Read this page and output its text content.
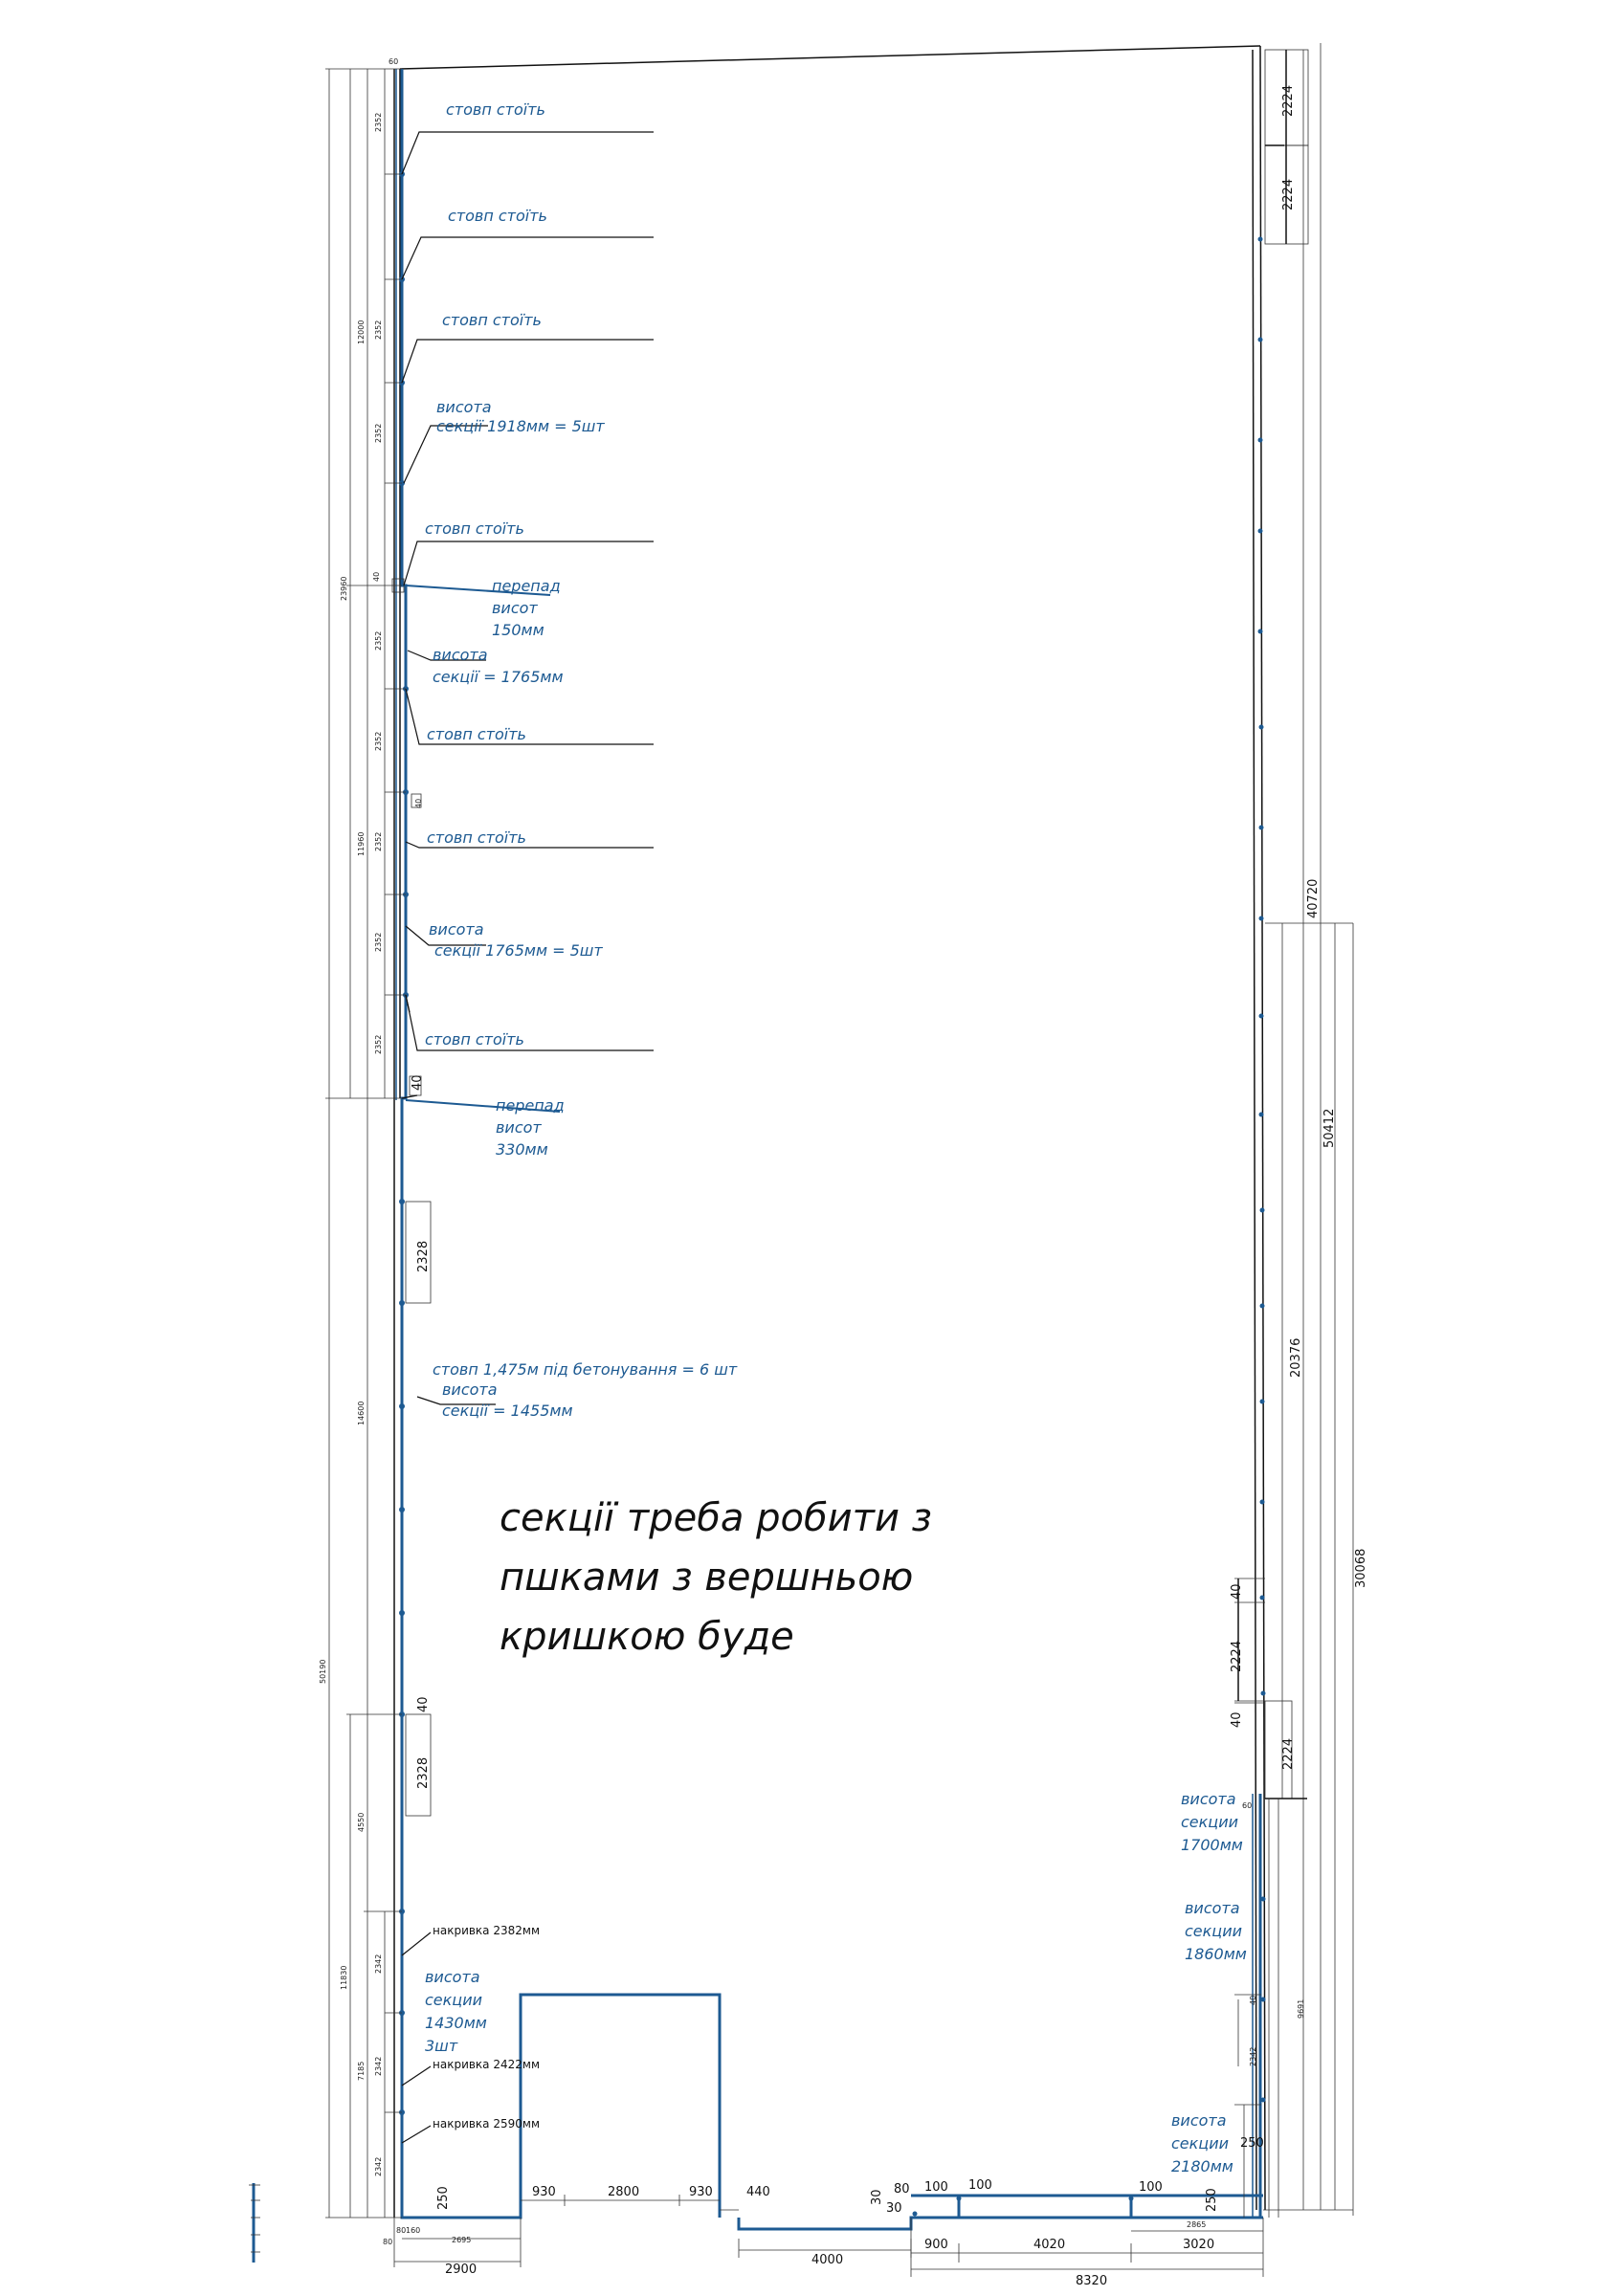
60
2352
12000 2352
2352
23960	40
2352
2352
40
11960 2352
2352
2352
40
2328
14600
50190
40
2328
4550
11830
2342
7185 2342
2342
стовп стоїть
стовп стоїть
стовп стоїть
висота
секції 1918мм = 5шт
стовп стоїть
перепад
висот
150мм
висота
секції = 1765мм
стовп стоїть
стовп стоїть
висота
секції 1765мм = 5шт
стовп стоїть
перепад
висот
330мм
стовп 1,475м під бетонування = 6 шт
висота
секції = 1455мм
секції треба робити з
пшками з вершньою
кришкою буде
накривка 2382мм
накривка 2422мм
накривка 2590мм
висота
секции
1430мм
3шт
250
80 160
80	2695
2900
930	2800	930	440
4000
30
30
80 100 100
900	4020	3020
2865
100
250
8320
2224
2224
40720
50412
20376
30068
40
2224
40
2224
60
9691
40
2342
250
висота
секции
1700мм
висота
секции
1860мм
висота
секции
2180мм
